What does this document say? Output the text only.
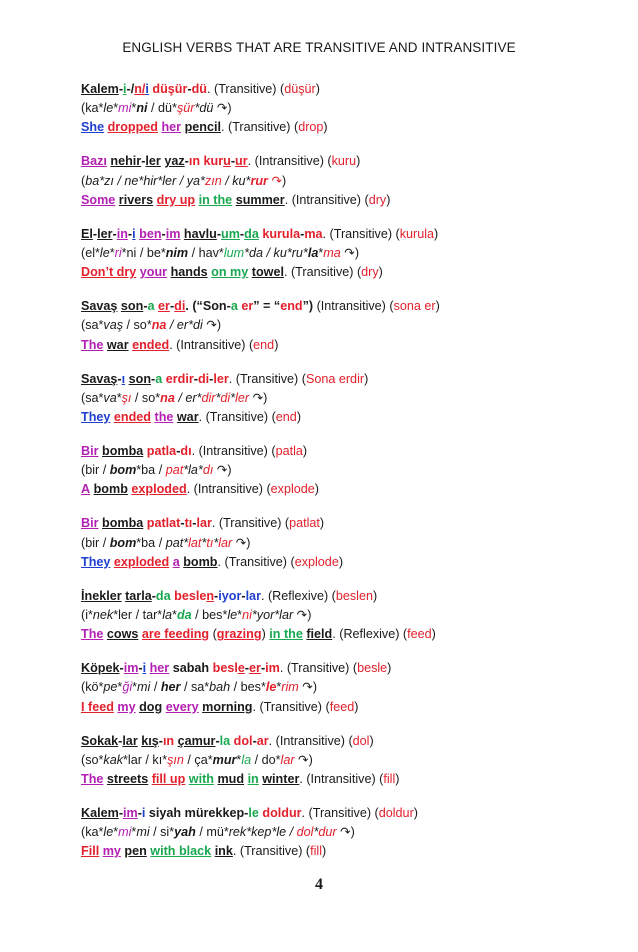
ENGLISH VERBS THAT ARE TRANSITIVE AND INTRANSITIVE
Kalem-i-/n/i düşür-dü. (Transitive) (düşür)
(ka*le*mi*ni / dü*şür*dü ↷)
She dropped her pencil. (Transitive) (drop)
Bazı nehir-ler yaz-ın kuru-ur. (Intransitive) (kuru)
(ba*zı / ne*hir*ler / ya*zın / ku*rur ↷)
Some rivers dry up in the summer. (Intransitive) (dry)
El-ler-in-i ben-im havlu-um-da kurula-ma. (Transitive) (kurula)
(el*le*ri*ni / be*nim / hav*lum*da / ku*ru*la*ma ↷)
Don’t dry your hands on my towel. (Transitive) (dry)
Savaş son-a er-di. (“Son-a er” = “end”) (Intransitive) (sona er)
(sa*vaş / so*na / er*di ↷)
The war ended. (Intransitive) (end)
Savaş-ı son-a erdir-di-ler. (Transitive) (Sona erdir)
(sa*va*şı / so*na / er*dir*di*ler ↷)
They ended the war. (Transitive) (end)
Bir bomba patla-dı. (Intransitive) (patla)
(bir / bom*ba / pat*la*dı ↷)
A bomb exploded. (Intransitive) (explode)
Bir bomba patlat-tı-lar. (Transitive) (patlat)
(bir / bom*ba / pat*lat*tı*lar ↷)
They exploded a bomb. (Transitive) (explode)
İnekler tarla-da beslen-iyor-lar. (Reflexive) (beslen)
(i*nek*ler / tar*la*da / bes*le*ni*yor*lar ↷)
The cows are feeding (grazing) in the field. (Reflexive) (feed)
Köpek-im-i her sabah besle-er-im. (Transitive) (besle)
(kö*pe*ği*mi / her / sa*bah / bes*le*rim ↷)
I feed my dog every morning. (Transitive) (feed)
Sokak-lar kış-ın çamur-la dol-ar. (Intransitive) (dol)
(so*kak*lar / kı*şın / ça*mur*la / do*lar ↷)
The streets fill up with mud in winter. (Intransitive) (fill)
Kalem-im-i siyah mürekkep-le doldur. (Transitive) (doldur)
(ka*le*mi*mi / si*yah / mü*rek*kep*le / dol*dur ↷)
Fill my pen with black ink. (Transitive) (fill)
4
